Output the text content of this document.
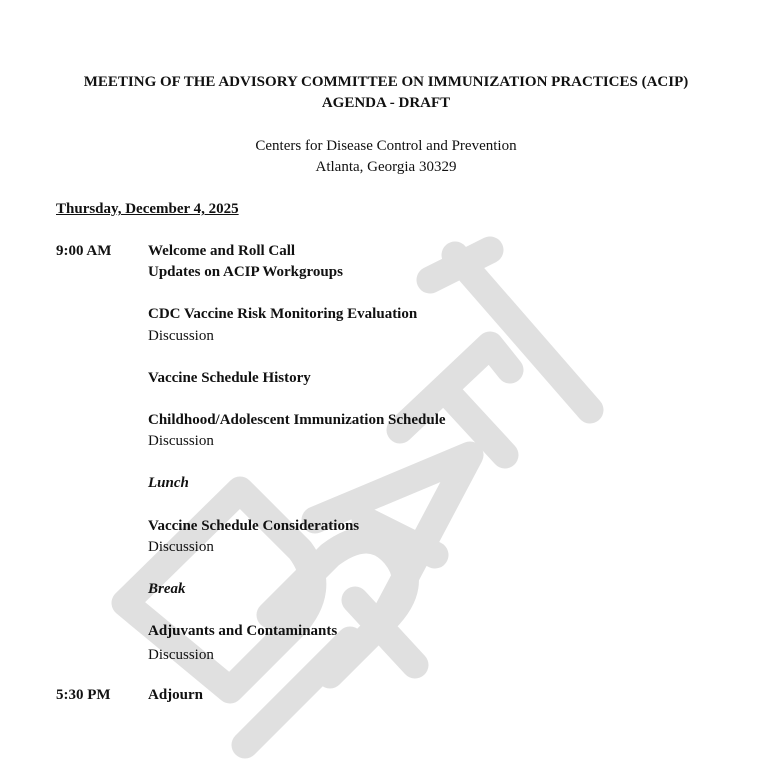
MEETING OF THE ADVISORY COMMITTEE ON IMMUNIZATION PRACTICES (ACIP)
AGENDA - DRAFT
Centers for Disease Control and Prevention
Atlanta, Georgia 30329
Thursday, December 4, 2025
9:00 AM Welcome and Roll Call
Updates on ACIP Workgroups
CDC Vaccine Risk Monitoring Evaluation
Discussion
Vaccine Schedule History
Childhood/Adolescent Immunization Schedule
Discussion
Lunch
Vaccine Schedule Considerations
Discussion
Break
Adjuvants and Contaminants
Discussion
5:30 PM Adjourn
